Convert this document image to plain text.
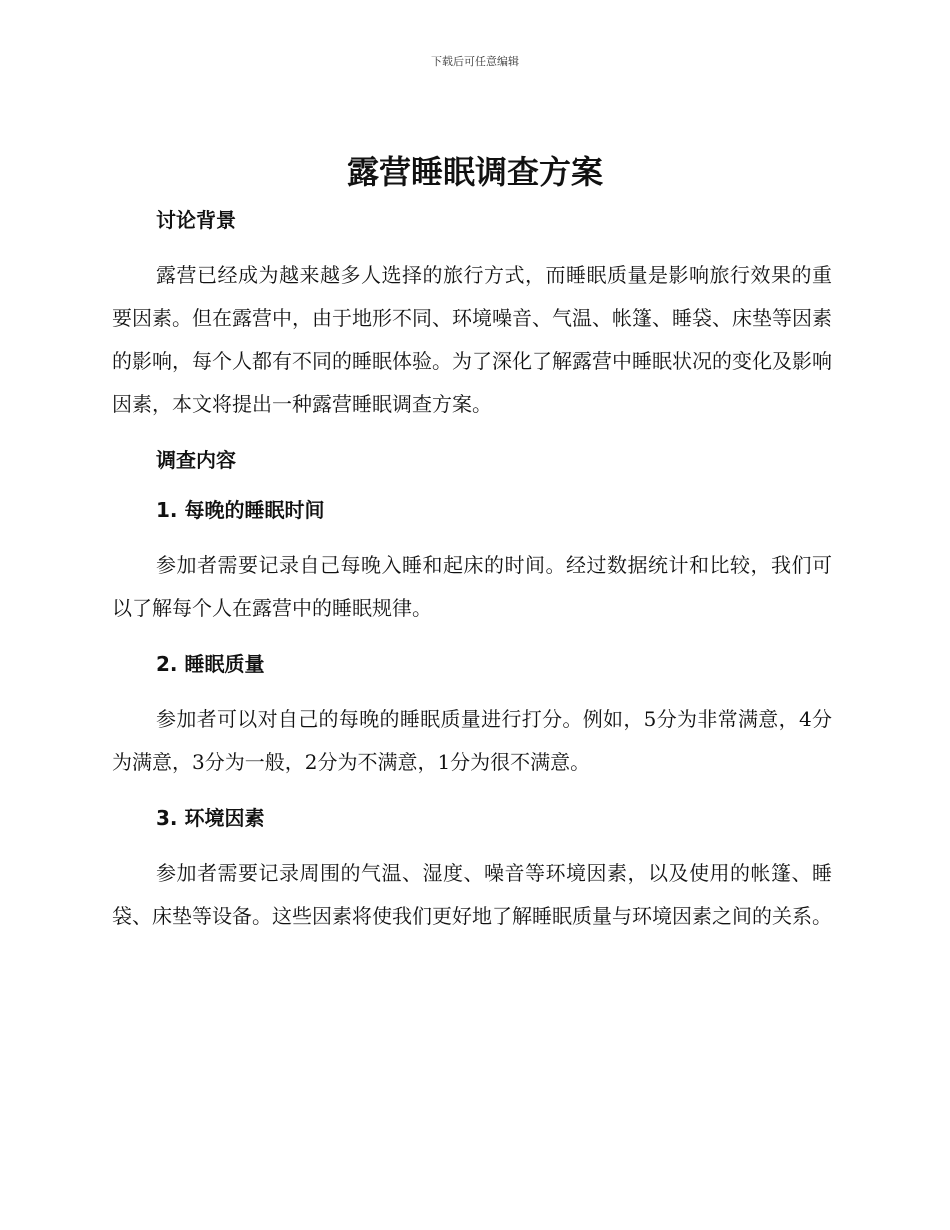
下载后可任意编辑
露营睡眠调查方案
讨论背景

露营已经成为越来越多人选择的旅行方式，而睡眠质量是影响旅行效果的重要因素。但在露营中，由于地形不同、环境噪音、气温、帐篷、睡袋、床垫等因素的影响，每个人都有不同的睡眠体验。为了深化了解露营中睡眠状况的变化及影响因素，本文将提出一种露营睡眠调查方案。

调查内容
1. 每晚的睡眠时间

参加者需要记录自己每晚入睡和起床的时间。经过数据统计和比较，我们可以了解每个人在露营中的睡眠规律。

2. 睡眠质量

参加者可以对自己的每晚的睡眠质量进行打分。例如，5分为非常满意，4分为满意，3分为一般，2分为不满意，1分为很不满意。

3. 环境因素

参加者需要记录周围的气温、湿度、噪音等环境因素，以及使用的帐篷、睡袋、床垫等设备。这些因素将使我们更好地了解睡眠质量与环境因素之间的关系。
